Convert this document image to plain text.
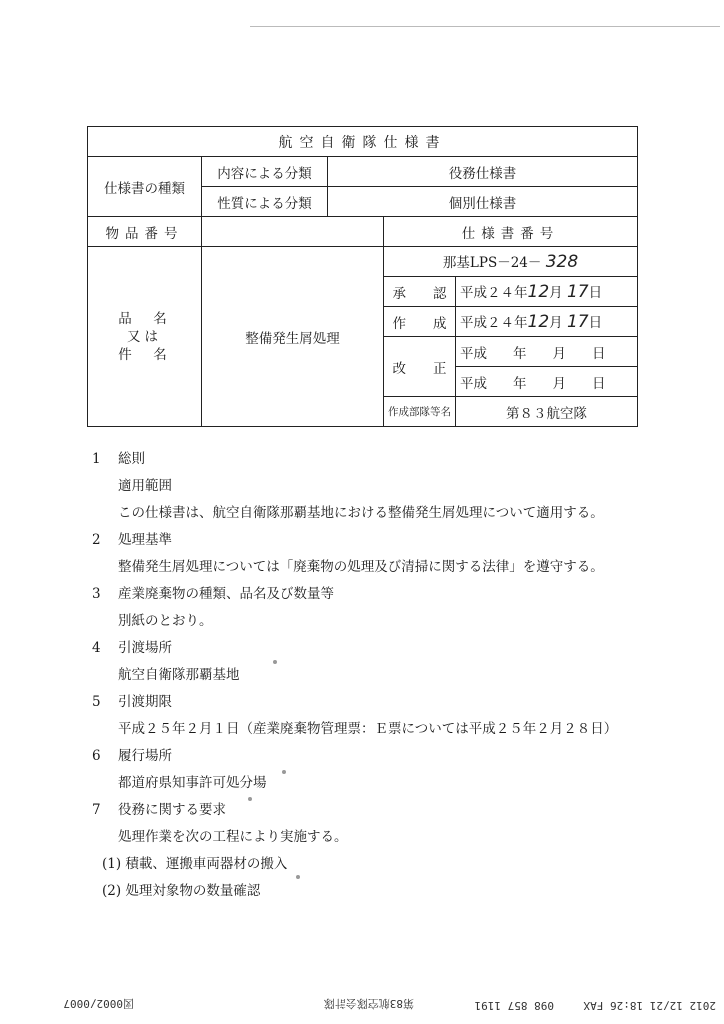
航空自衛隊仕様書				
仕様書の種類	内容による分類	役務仕様書		
	性質による分類	個別仕様書		
物品番号			仕様書番号	

品　名
又は
件　名	整備発生屑処理		那基LPS－24－ 328	
			承　　認	平成２４年12月 17日
			作　　成	平成２４年12月 17日
			改　　正	平成 年 月 日
				平成 年 月 日
			作成部隊等名	第８３航空隊
1 総則
適用範囲
この仕様書は、航空自衛隊那覇基地における整備発生屑処理について適用する。
2 処理基準
整備発生屑処理については「廃棄物の処理及び清掃に関する法律」を遵守する。
3 産業廃棄物の種類、品名及び数量等
別紙のとおり。
4 引渡場所
航空自衛隊那覇基地
5 引渡期限
平成２５年２月１日（産業廃棄物管理票：Ｅ票については平成２５年２月２８日）
6 履行場所
都道府県知事許可処分場
7 役務に関する要求
処理作業を次の工程により実施する。
(1) 積載、運搬車両器材の搬入
(2) 処理対象物の数量確認
2012 12/21 18:26 FAX
098 857 1191
第83航空隊会計隊
図0002/0007
